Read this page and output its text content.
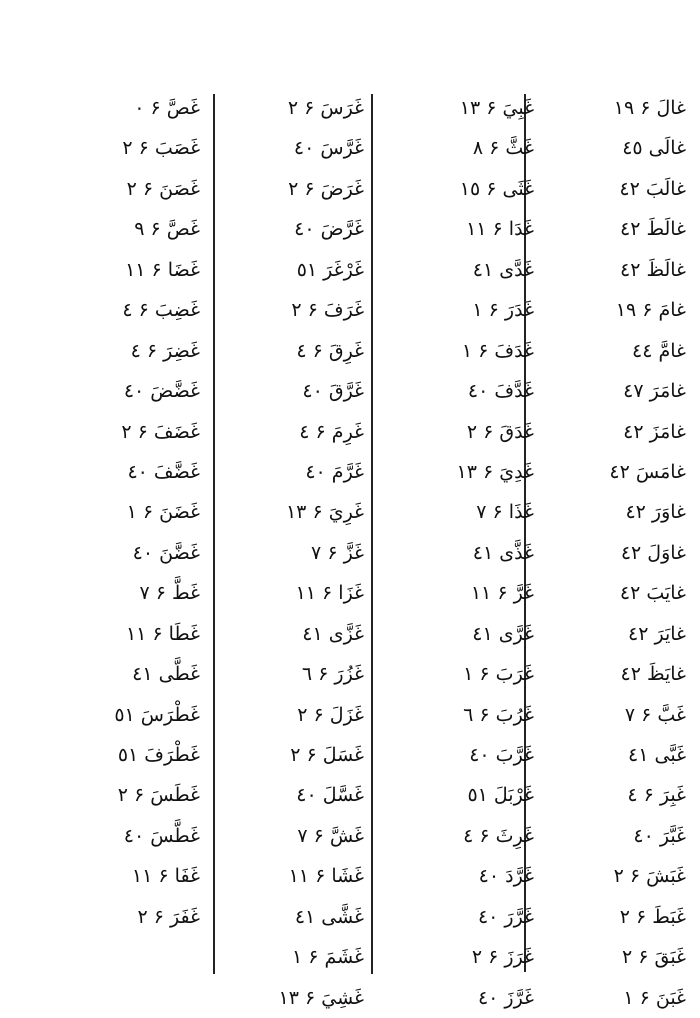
غالَ ۶ ١٩
غالَى ٤٥
غالَبَ ٤٢
غالَطَ ٤٢
غالَظَ ٤٢
غامَ ۶ ١٩
غامَّ ٤٤
غامَرَ ٤٧
غامَزَ ٤٢
غامَسَ ٤٢
غاوَرَ ٤٢
غاوَلَ ٤٢
غايَبَ ٤٢
غايَرَ ٤٢
غايَظَ ٤٢
غَبَّ ۶ ٧
غَبَّى ٤١
غَبِرَ ۶ ٤
غَبَّرَ ٤٠
غَبَشَ ۶ ٢
غَبَطَ ۶ ٢
غَبَقَ ۶ ٢
غَبَنَ ۶ ١
غَبِيَ ۶ ١٣
غَثَّ ۶ ٨
غَثَى ۶ ١٥
غَدَا ۶ ١١
غَدَّى ٤١
غَدَرَ ۶ ١
غَدَفَ ۶ ١
غَدَّفَ ٤٠
غَدَقَ ۶ ٢
غَدِيَ ۶ ١٣
غَذَا ۶ ٧
غَذَّى ٤١
غَرَّ ۶ ١١
غَرَّى ٤١
غَرَبَ ۶ ١
غَرُبَ ۶ ٦
غَرَّبَ ٤٠
غَرْبَلَ ٥١
غَرِثَ ۶ ٤
غَرَّدَ ٤٠
غَرَّرَ ٤٠
غَرَزَ ۶ ٢
غَرَّزَ ٤٠
غَرَسَ ۶ ٢
غَرَّسَ ٤٠
غَرَضَ ۶ ٢
غَرَّضَ ٤٠
غَرْغَرَ ٥١
غَرَفَ ۶ ٢
غَرِقَ ۶ ٤
غَرَّقَ ٤٠
غَرِمَ ۶ ٤
غَرَّمَ ٤٠
غَرِيَ ۶ ١٣
غَزَّ ۶ ٧
غَزَا ۶ ١١
غَزَّى ٤١
غَزُرَ ۶ ٦
غَزَلَ ۶ ٢
غَسَلَ ۶ ٢
غَسَّلَ ٤٠
غَشَّ ۶ ٧
غَشَا ۶ ١١
غَشَّى ٤١
غَشَمَ ۶ ١
غَشِيَ ۶ ١٣
غَصَّ ۶ ٠
غَصَبَ ۶ ٢
غَصَنَ ۶ ٢
غَصَّ ۶ ٩
غَضَا ۶ ١١
غَضِبَ ۶ ٤
غَضِرَ ۶ ٤
غَضَّضَ ٤٠
غَضَفَ ۶ ٢
غَضَّفَ ٤٠
غَضَنَ ۶ ١
غَضَّنَ ٤٠
غَطَّ ۶ ٧
غَطَا ۶ ١١
غَطَّى ٤١
غَطْرَسَ ٥١
غَطْرَفَ ٥١
غَطَسَ ۶ ٢
غَطَّسَ ٤٠
غَفَا ۶ ١١
غَفَرَ ۶ ٢
